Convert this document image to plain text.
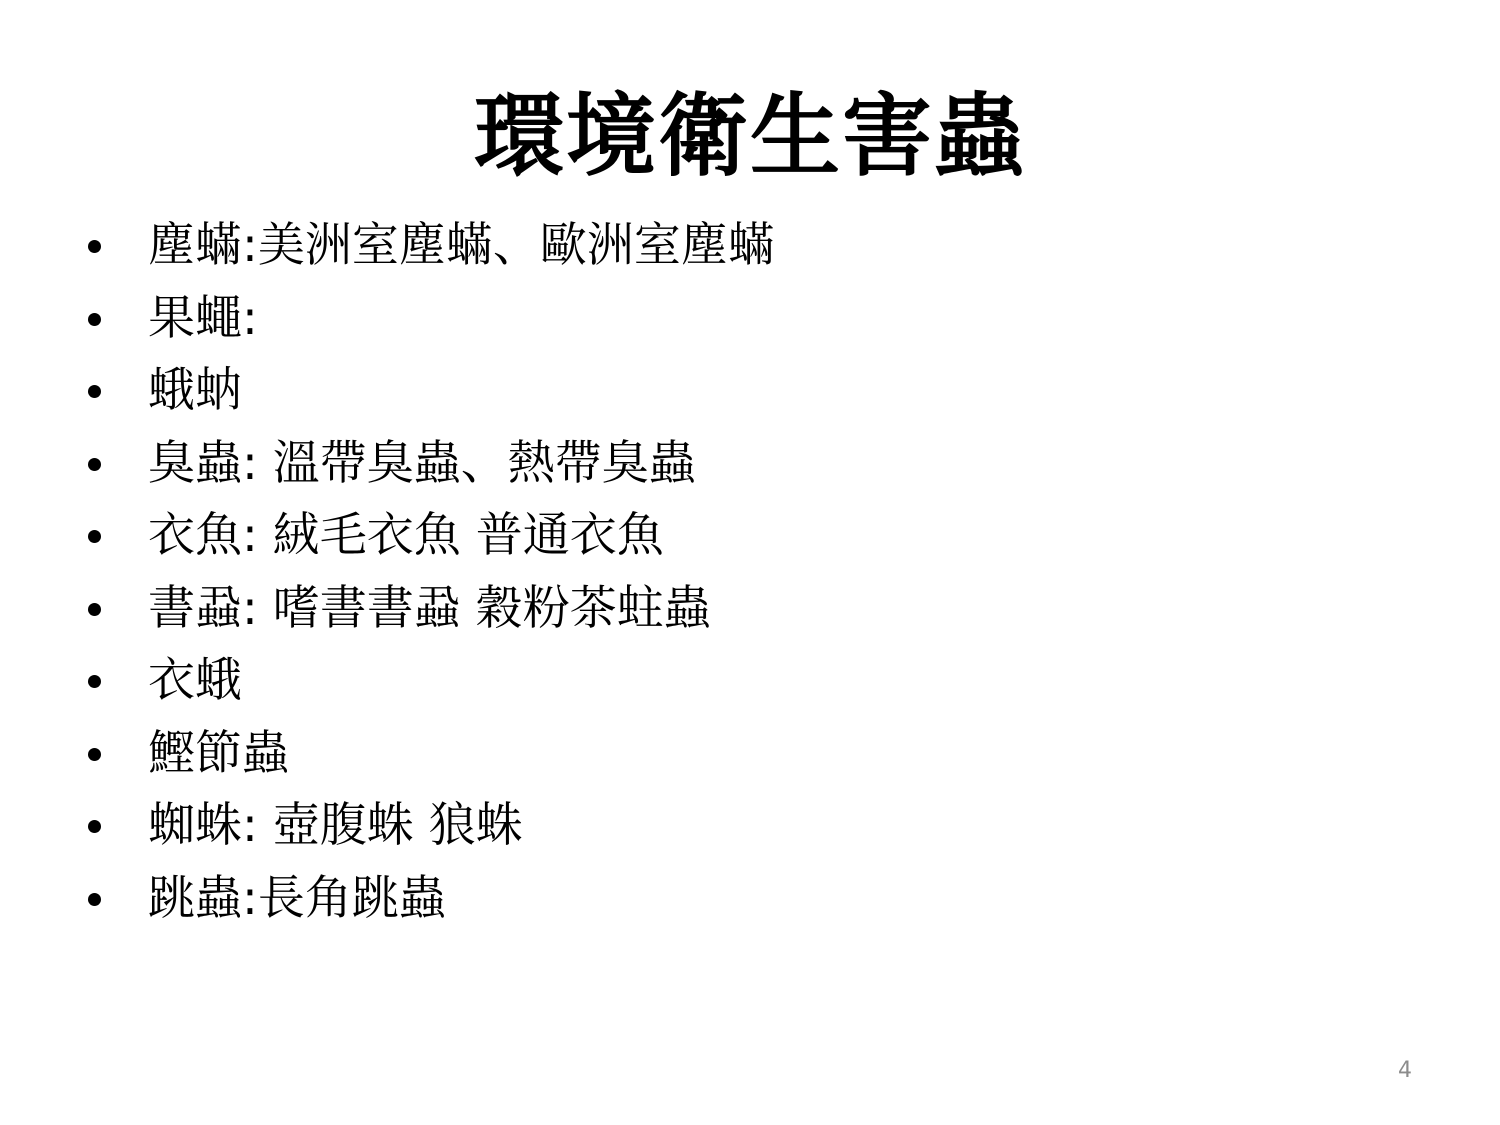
環境衛生害蟲
塵蟎:美洲室塵蟎、歐洲室塵蟎
果蠅:
蛾蚋
臭蟲: 溫帶臭蟲、熱帶臭蟲
衣魚: 絨毛衣魚 普通衣魚
書蝨: 嗜書書蝨 穀粉茶蛀蟲
衣蛾
鰹節蟲
蜘蛛: 壺腹蛛 狼蛛
跳蟲:長角跳蟲
4
